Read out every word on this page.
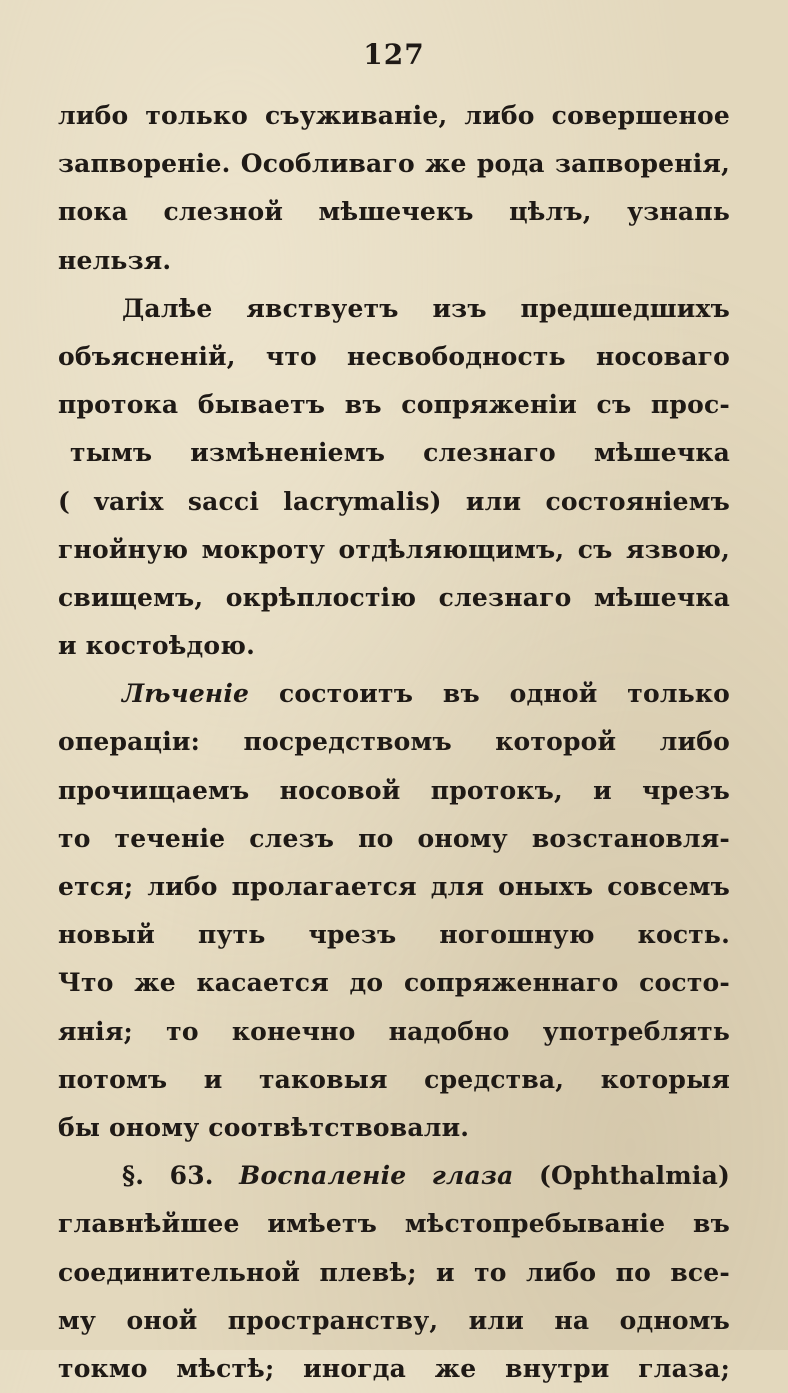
127
либо только съуживаніе, либо совершеное
запвореніе. Особливаго же рода запворенія,
пока слезной мѣшечекъ цѣлъ, узнапь
нельзя.
Далѣе явствуетъ изъ предшедшихъ
объясненій, что несвободность носоваго
протока бываетъ въ сопряженіи съ прос-
тымъ измѣненіемъ слезнаго мѣшечка
( varix sacci lacrymalis) или состояніемъ
гнойную мокроту отдѣляющимъ, съ язвою,
свищемъ, окрѣплостію слезнаго мѣшечка
и костоѣдою.
Лѣченіе состоитъ въ одной только
операціи: посредствомъ которой либо
прочищаемъ носовой протокъ, и чрезъ
то теченіе слезъ по оному возстановля-
ется; либо пролагается для оныхъ совсемъ
новый путь чрезъ ногошную кость.
Что же касается до сопряженнаго состо-
янія; то конечно надобно употреблять
потомъ и таковыя средства, которыя
бы оному соотвѣтствовали.
§. 63. Воспаленіе глаза (Ophthalmia)
главнѣйшее имѣетъ мѣстопребываніе въ
соединительной плевѣ; и то либо по все-
му оной пространству, или на одномъ
токмо мѣстѣ; иногда же внутри глаза;
